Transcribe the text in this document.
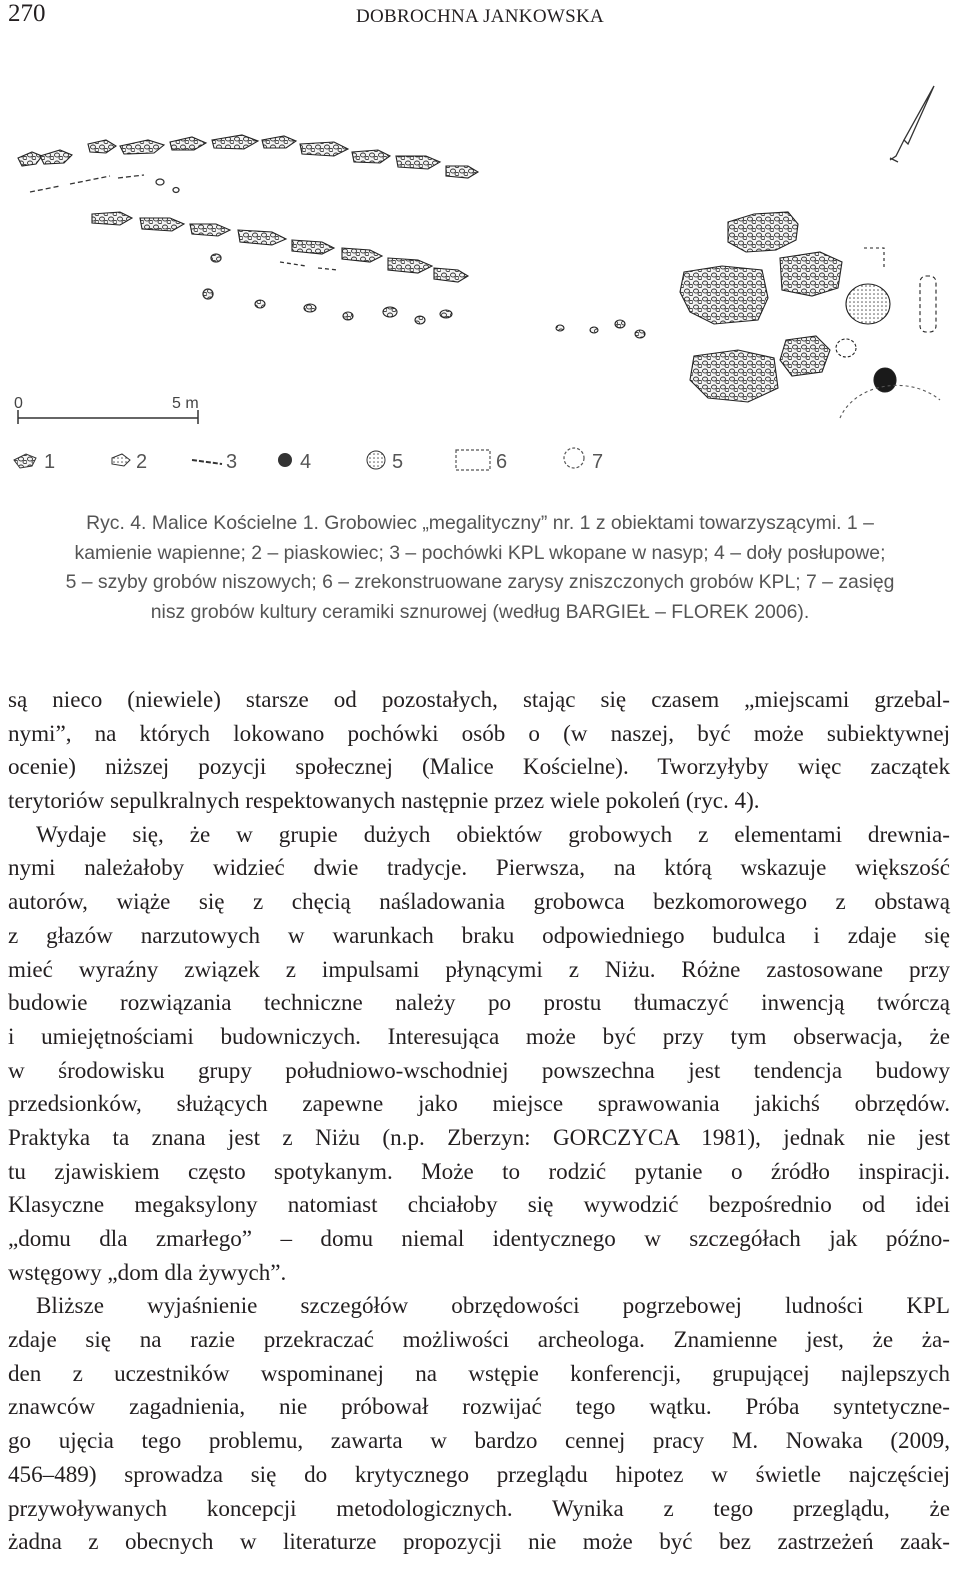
270	DOBROCHNA JANKOWSKA
0	5 m
1	2	3	4	5	6	7
Ryc. 4. Malice Kościelne 1. Grobowiec „megalityczny” nr. 1 z obiektami towarzyszącymi. 1 –
kamienie wapienne; 2 – piaskowiec; 3 – pochówki KPL wkopane w nasyp; 4 – doły posłupowe;
5 – szyby grobów niszowych; 6 – zrekonstruowane zarysy zniszczonych grobów KPL; 7 – zasięg
nisz grobów kultury ceramiki sznurowej (według BARGIEŁ – FLOREK 2006).
są nieco (niewiele) starsze od pozostałych, stając się czasem „miejscami grzebal-
nymi”, na których lokowano pochówki osób o (w naszej, być może subiektywnej
ocenie) niższej pozycji społecznej (Malice Kościelne). Tworzyłyby więc zaczątek
terytoriów sepulkralnych respektowanych następnie przez wiele pokoleń (ryc. 4).
Wydaje się, że w grupie dużych obiektów grobowych z elementami drewnia-
nymi należałoby widzieć dwie tradycje. Pierwsza, na którą wskazuje większość
autorów, wiąże się z chęcią naśladowania grobowca bezkomorowego z obstawą
z głazów narzutowych w warunkach braku odpowiedniego budulca i zdaje się
mieć wyraźny związek z impulsami płynącymi z Niżu. Różne zastosowane przy
budowie rozwiązania techniczne należy po prostu tłumaczyć inwencją twórczą
i umiejętnościami budowniczych. Interesująca może być przy tym obserwacja, że
w środowisku grupy południowo-wschodniej powszechna jest tendencja budowy
przedsionków, służących zapewne jako miejsce sprawowania jakichś obrzędów.
Praktyka ta znana jest z Niżu (n.p. Zberzyn: GORCZYCA 1981), jednak nie jest
tu zjawiskiem często spotykanym. Może to rodzić pytanie o źródło inspiracji.
Klasyczne megaksylony natomiast chciałoby się wywodzić bezpośrednio od idei
„domu dla zmarłego” – domu niemal identycznego w szczegółach jak późno-
wstęgowy „dom dla żywych”.
Bliższe wyjaśnienie szczegółów obrzędowości pogrzebowej ludności KPL
zdaje się na razie przekraczać możliwości archeologa. Znamienne jest, że ża-
den z uczestników wspominanej na wstępie konferencji, grupującej najlepszych
znawców zagadnienia, nie próbował rozwijać tego wątku. Próba syntetyczne-
go ujęcia tego problemu, zawarta w bardzo cennej pracy M. Nowaka (2009,
456–489) sprowadza się do krytycznego przeglądu hipotez w świetle najczęściej
przywoływanych koncepcji metodologicznych. Wynika z tego przeglądu, że
żadna z obecnych w literaturze propozycji nie może być bez zastrzeżeń zaak-
